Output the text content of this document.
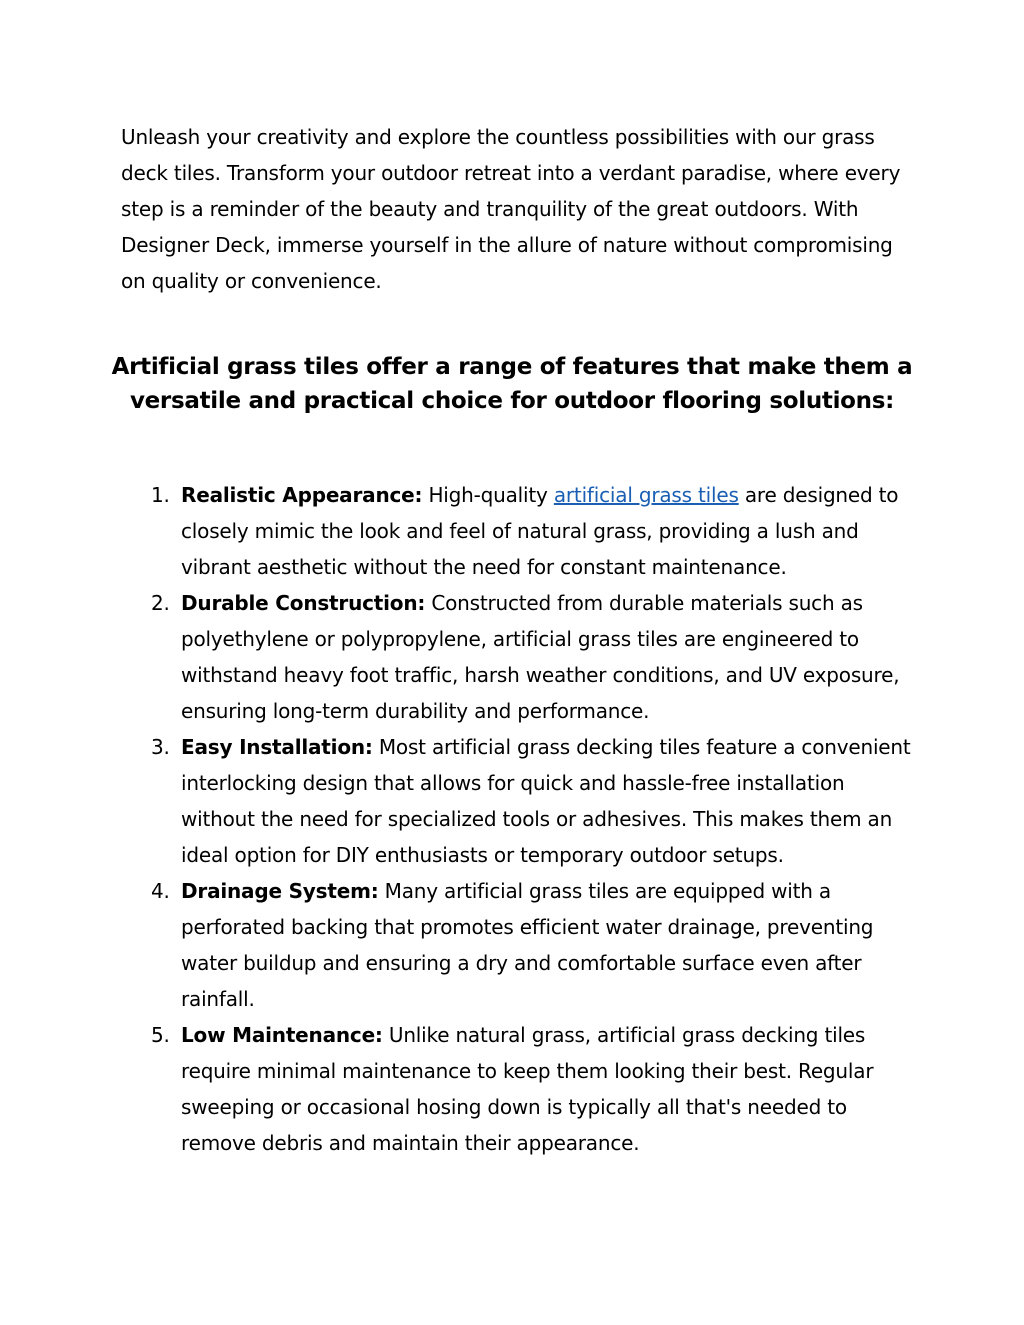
Unleash your creativity and explore the countless possibilities with our grass deck tiles. Transform your outdoor retreat into a verdant paradise, where every step is a reminder of the beauty and tranquility of the great outdoors. With Designer Deck, immerse yourself in the allure of nature without compromising on quality or convenience.

Artificial grass tiles offer a range of features that make them a versatile and practical choice for outdoor flooring solutions:
1. Realistic Appearance: High-quality artificial grass tiles are designed to closely mimic the look and feel of natural grass, providing a lush and vibrant aesthetic without the need for constant maintenance.
2. Durable Construction: Constructed from durable materials such as polyethylene or polypropylene, artificial grass tiles are engineered to withstand heavy foot traffic, harsh weather conditions, and UV exposure, ensuring long-term durability and performance.
3. Easy Installation: Most artificial grass decking tiles feature a convenient interlocking design that allows for quick and hassle-free installation without the need for specialized tools or adhesives. This makes them an ideal option for DIY enthusiasts or temporary outdoor setups.
4. Drainage System: Many artificial grass tiles are equipped with a perforated backing that promotes efficient water drainage, preventing water buildup and ensuring a dry and comfortable surface even after rainfall.
5. Low Maintenance: Unlike natural grass, artificial grass decking tiles require minimal maintenance to keep them looking their best. Regular sweeping or occasional hosing down is typically all that's needed to remove debris and maintain their appearance.
